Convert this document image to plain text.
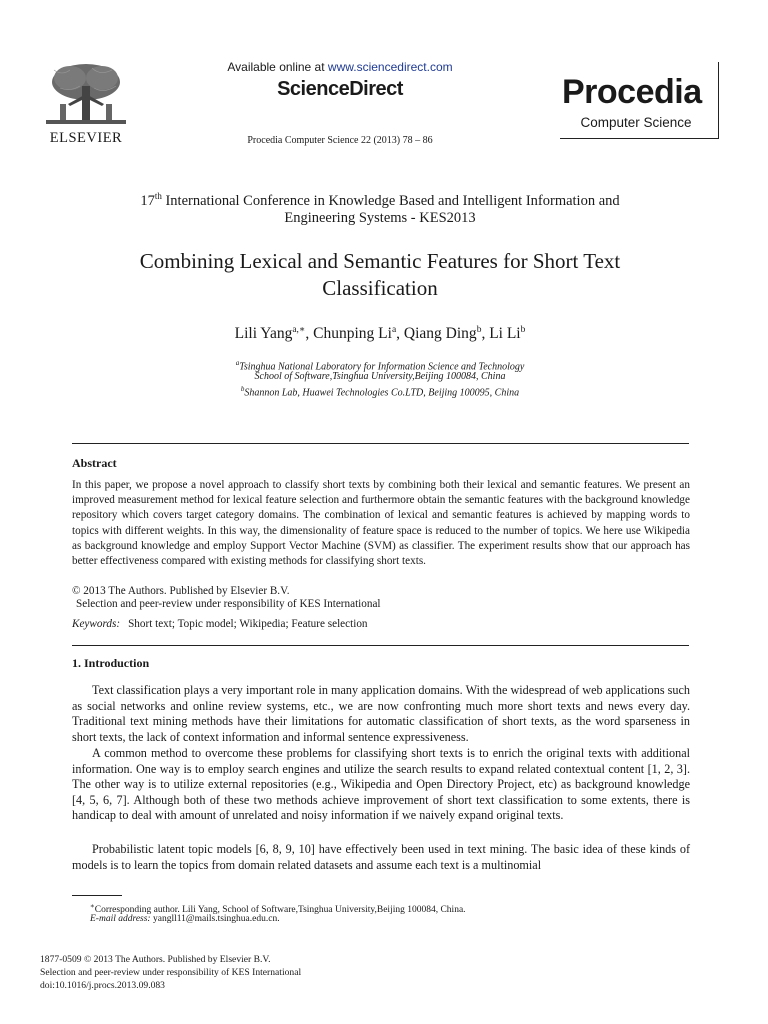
ELSEVIER
Available online at www.sciencedirect.com
ScienceDirect
Procedia Computer Science 22 (2013) 78 – 86
Procedia
Computer Science
17th International Conference in Knowledge Based and Intelligent Information and
Engineering Systems - KES2013
Combining Lexical and Semantic Features for Short Text
Classification
Lili Yang$^{a,∗}$, Chunping Li$^a$, Qiang Ding$^b$, Li Li$^b$
$^a$Tsinghua National Laboratory for Information Science and Technology
School of Software,Tsinghua University,Beijing 100084, China
$^b$Shannon Lab, Huawei Technologies Co.LTD, Beijing 100095, China
Abstract
In this paper, we propose a novel approach to classify short texts by combining both their lexical and semantic features. We present an improved measurement method for lexical feature selection and furthermore obtain the semantic features with the background knowledge repository which covers target category domains. The combination of lexical and semantic features is achieved by mapping words to topics with different weights. In this way, the dimensionality of feature space is reduced to the number of topics. We here use Wikipedia as background knowledge and employ Support Vector Machine (SVM) as classifier. The experiment results show that our approach has better effectiveness compared with existing methods for classifying short texts.
© 2013 The Authors. Published by Elsevier B.V.
Selection and peer-review under responsibility of KES International
Keywords: Short text; Topic model; Wikipedia; Feature selection
1. Introduction
Text classification plays a very important role in many application domains. With the widespread of web applications such as social networks and online review systems, etc., we are now confronting much more short texts and news every day. Traditional text mining methods have their limitations for automatic classification of short texts, as the word sparseness in short texts, the lack of context information and informal sentence expressiveness.
A common method to overcome these problems for classifying short texts is to enrich the original texts with additional information. One way is to employ search engines and utilize the search results to expand related contextual content [1, 2, 3]. The other way is to utilize external repositories (e.g., Wikipedia and Open Directory Project, etc) as background knowledge [4, 5, 6, 7]. Although both of these two methods achieve improvement of short text classification to some extents, there is handicap to deal with amount of unrelated and noisy information if we naively expand original texts.
Probabilistic latent topic models [6, 8, 9, 10] have effectively been used in text mining. The basic idea of these kinds of models is to learn the topics from domain related datasets and assume each text is a multinomial
∗Corresponding author. Lili Yang, School of Software,Tsinghua University,Beijing 100084, China.
E-mail address: yangll11@mails.tsinghua.edu.cn.
1877-0509 © 2013 The Authors. Published by Elsevier B.V.
Selection and peer-review under responsibility of KES International
doi:10.1016/j.procs.2013.09.083
